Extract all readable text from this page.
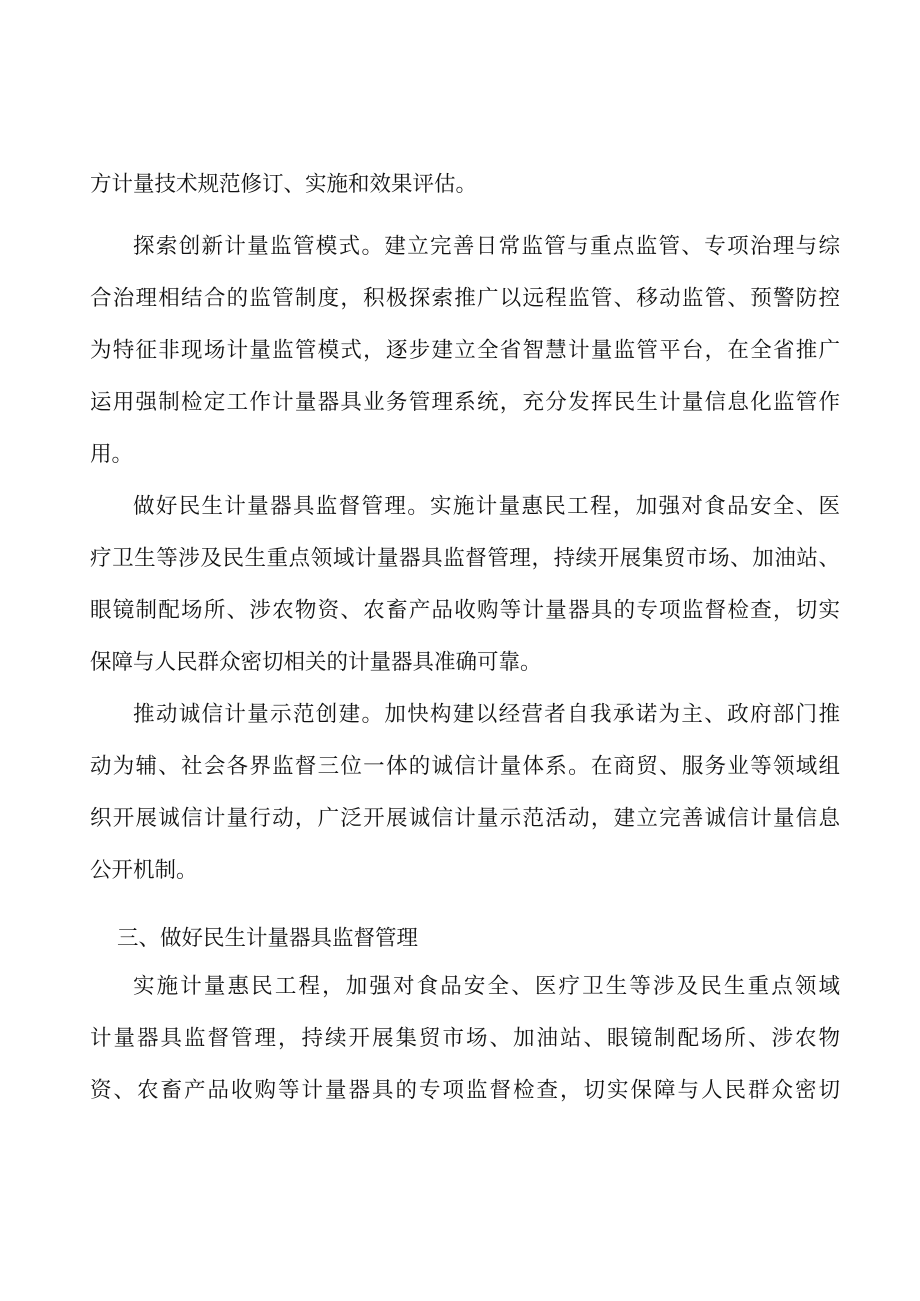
方计量技术规范修订、实施和效果评估。
探索创新计量监管模式。建立完善日常监管与重点监管、专项治理与综
合治理相结合的监管制度，积极探索推广以远程监管、移动监管、预警防控
为特征非现场计量监管模式，逐步建立全省智慧计量监管平台，在全省推广
运用强制检定工作计量器具业务管理系统，充分发挥民生计量信息化监管作
用。
做好民生计量器具监督管理。实施计量惠民工程，加强对食品安全、医
疗卫生等涉及民生重点领域计量器具监督管理，持续开展集贸市场、加油站、
眼镜制配场所、涉农物资、农畜产品收购等计量器具的专项监督检查，切实
保障与人民群众密切相关的计量器具准确可靠。
推动诚信计量示范创建。加快构建以经营者自我承诺为主、政府部门推
动为辅、社会各界监督三位一体的诚信计量体系。在商贸、服务业等领域组
织开展诚信计量行动，广泛开展诚信计量示范活动，建立完善诚信计量信息
公开机制。
三、做好民生计量器具监督管理
实施计量惠民工程，加强对食品安全、医疗卫生等涉及民生重点领域
计量器具监督管理，持续开展集贸市场、加油站、眼镜制配场所、涉农物
资、农畜产品收购等计量器具的专项监督检查，切实保障与人民群众密切
